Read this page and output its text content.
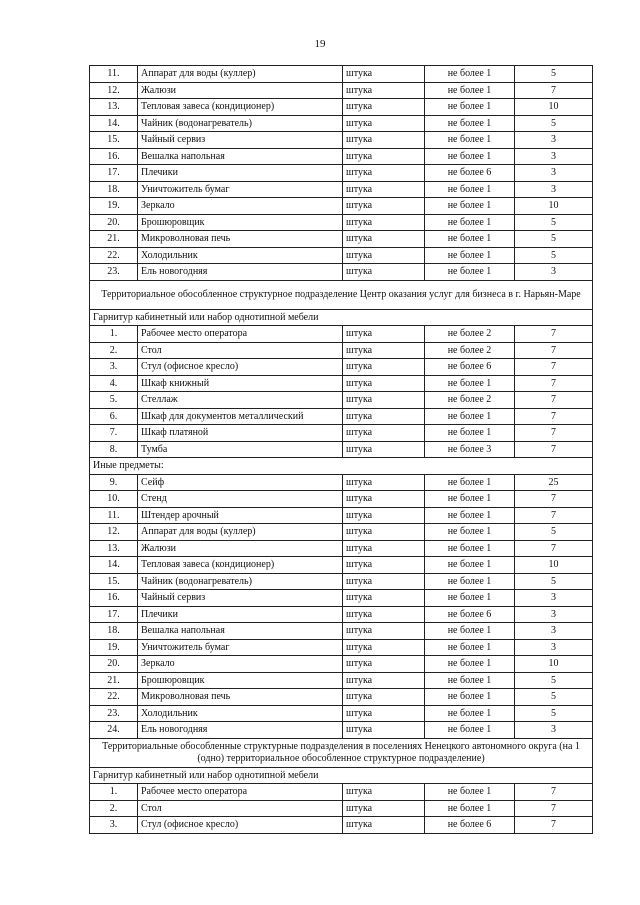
19
11.	Аппарат для воды (куллер)	штука	не более 1	5
12.	Жалюзи	штука	не более 1	7
13.	Тепловая завеса (кондиционер)	штука	не более 1	10
14.	Чайник (водонагреватель)	штука	не более 1	5
15.	Чайный сервиз	штука	не более 1	3
16.	Вешалка напольная	штука	не более 1	3
17.	Плечики	штука	не более 6	3
18.	Уничтожитель бумаг	штука	не более 1	3
19.	Зеркало	штука	не более 1	10
20.	Брошюровщик	штука	не более 1	5
21.	Микроволновая печь	штука	не более 1	5
22.	Холодильник	штука	не более 1	5
23.	Ель новогодняя	штука	не более 1	3
Территориальное обособленное структурное подразделение Центр оказания услуг для бизнеса в г. Нарьян-Маре				
Гарнитур кабинетный или набор однотипной мебели				
1.	Рабочее место оператора	штука	не более 2	7
2.	Стол	штука	не более 2	7
3.	Стул (офисное кресло)	штука	не более 6	7
4.	Шкаф книжный	штука	не более 1	7
5.	Стеллаж	штука	не более 2	7
6.	Шкаф для документов металлический	штука	не более 1	7
7.	Шкаф платяной	штука	не более 1	7
8.	Тумба	штука	не более 3	7
Иные предметы:				
9.	Сейф	штука	не более 1	25
10.	Стенд	штука	не более 1	7
11.	Штендер арочный	штука	не более 1	7
12.	Аппарат для воды (куллер)	штука	не более 1	5
13.	Жалюзи	штука	не более 1	7
14.	Тепловая завеса (кондиционер)	штука	не более 1	10
15.	Чайник (водонагреватель)	штука	не более 1	5
16.	Чайный сервиз	штука	не более 1	3
17.	Плечики	штука	не более 6	3
18.	Вешалка напольная	штука	не более 1	3
19.	Уничтожитель бумаг	штука	не более 1	3
20.	Зеркало	штука	не более 1	10
21.	Брошюровщик	штука	не более 1	5
22.	Микроволновая печь	штука	не более 1	5
23.	Холодильник	штука	не более 1	5
24.	Ель новогодняя	штука	не более 1	3
Территориальные обособленные структурные подразделения в поселениях Ненецкого автономного округа (на 1 (одно) территориальное обособленное структурное подразделение)				
Гарнитур кабинетный или набор однотипной мебели				
1.	Рабочее место оператора	штука	не более 1	7
2.	Стол	штука	не более 1	7
3.	Стул (офисное кресло)	штука	не более 6	7
